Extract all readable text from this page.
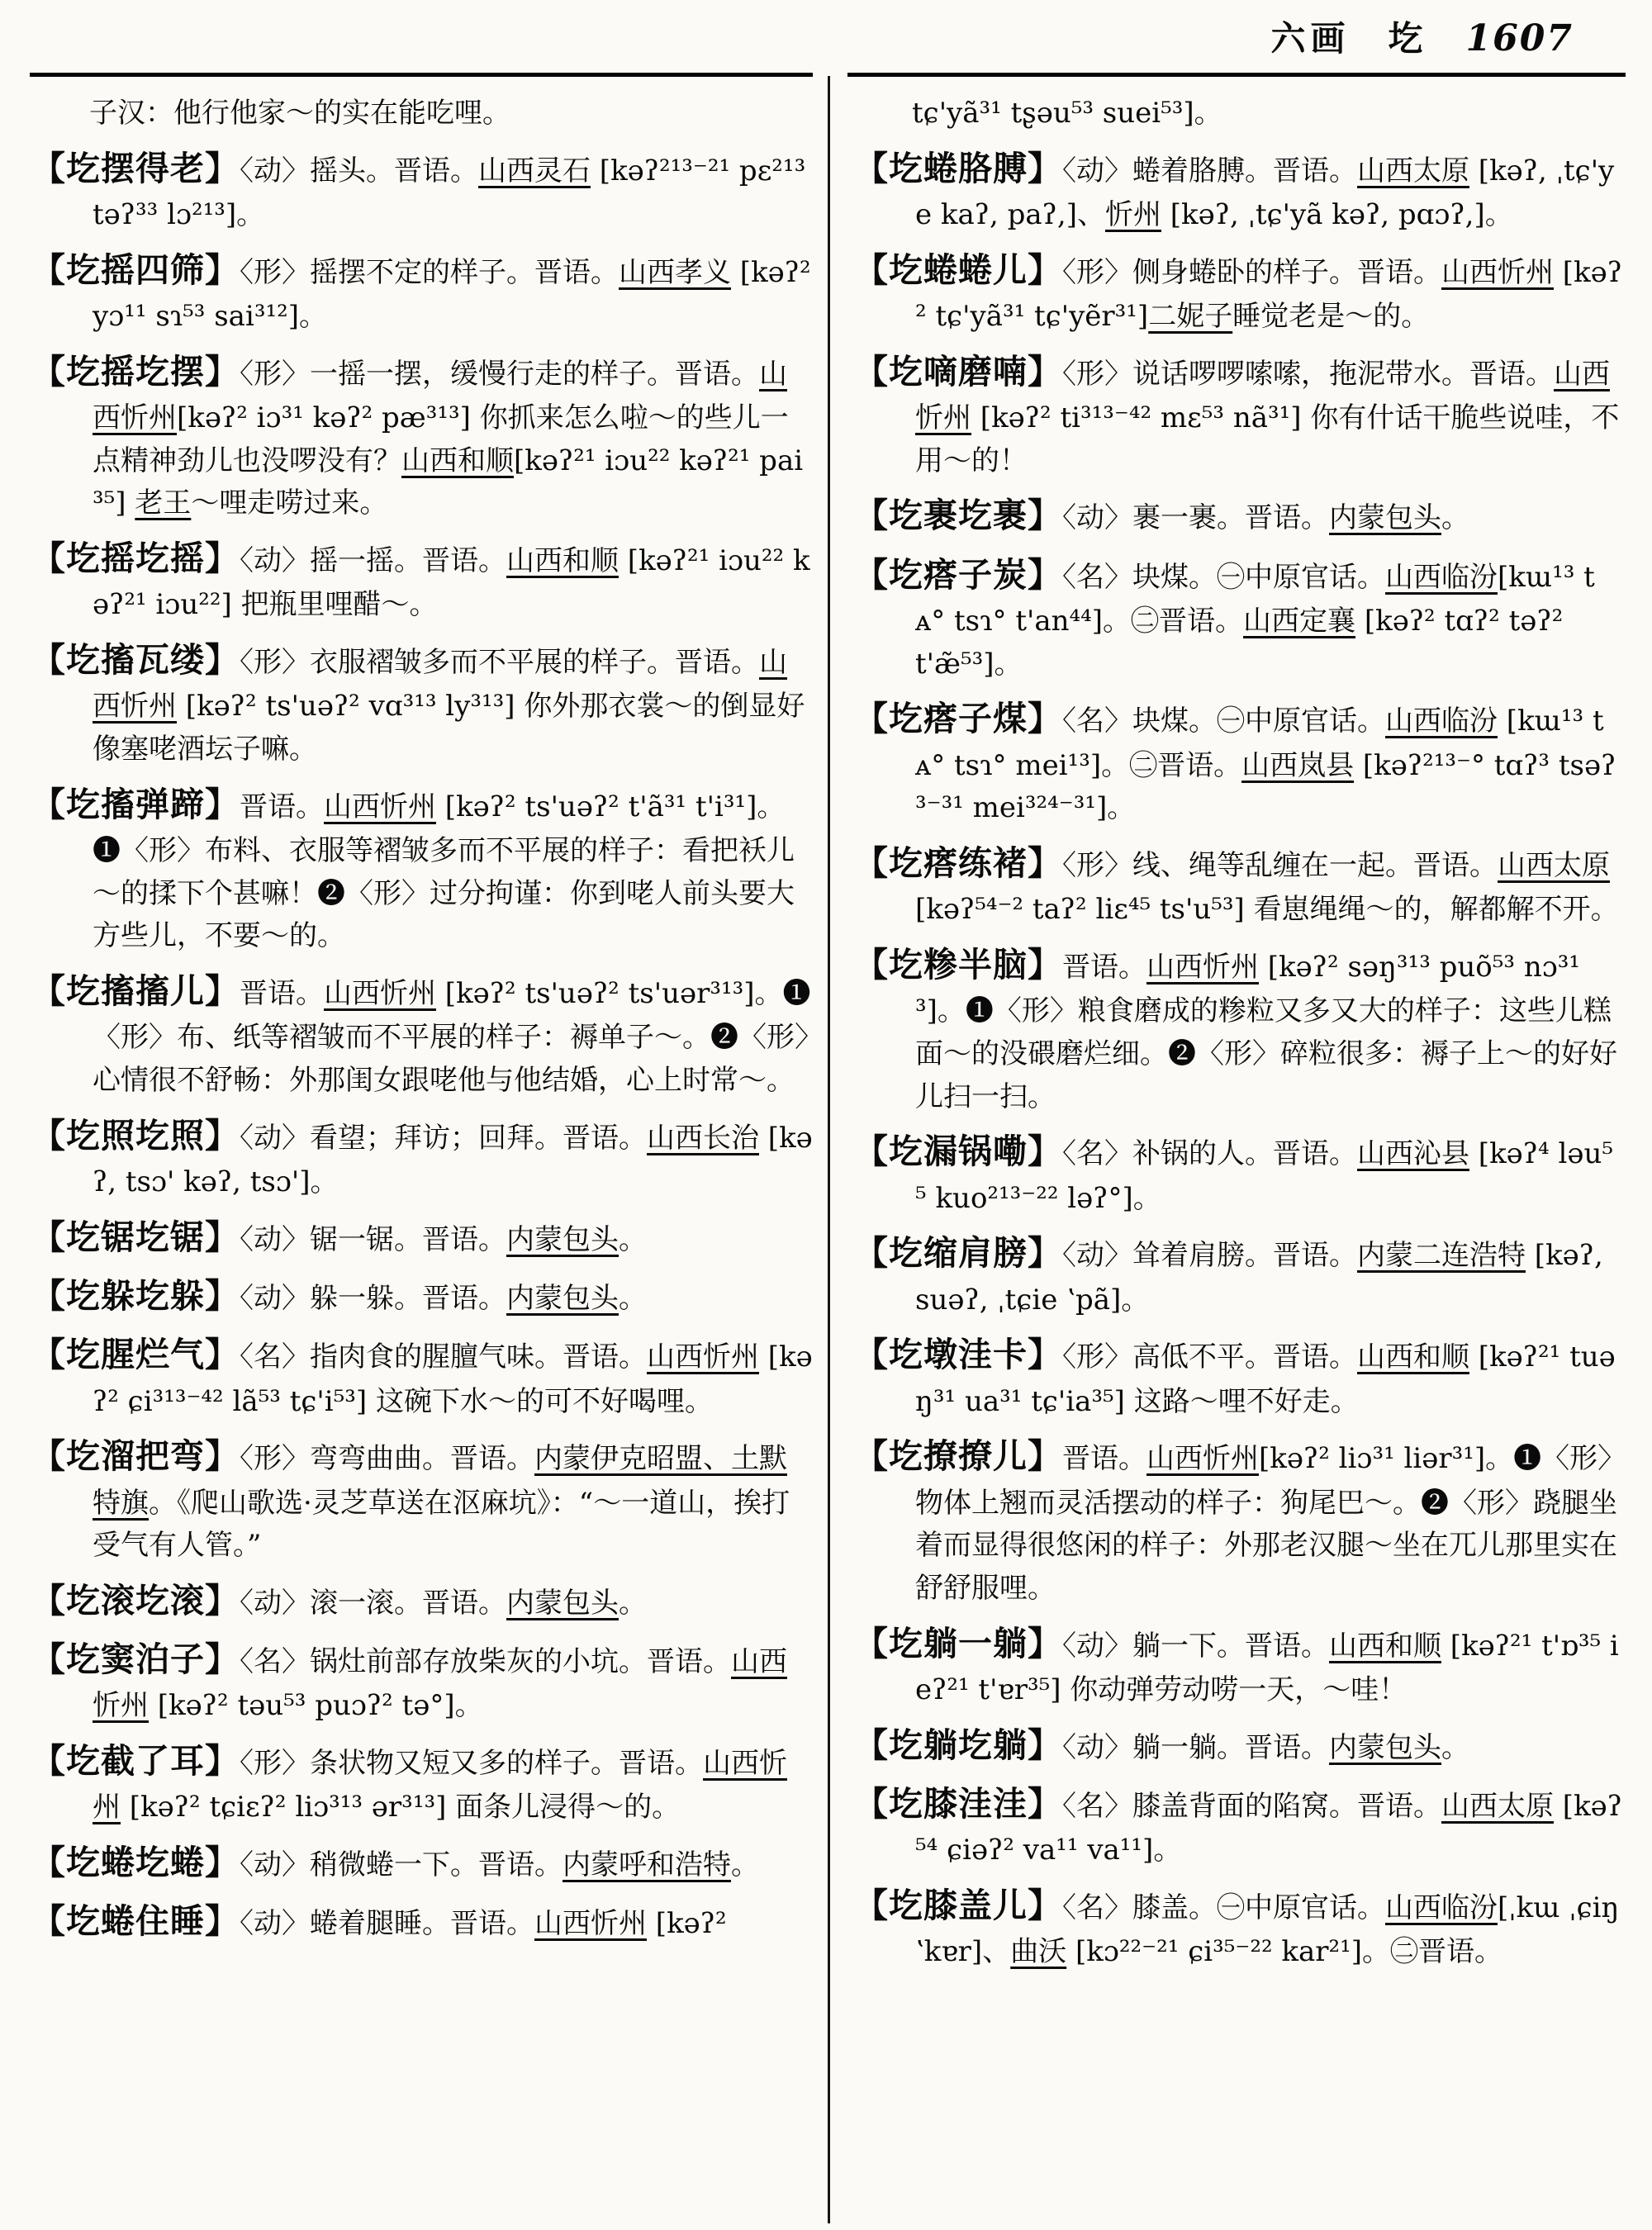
六画 圪 1607
子汉：他行他家～的实在能吃哩。
【圪摆得老】〈动〉摇头。晋语。山西灵石 [kəʔ²¹³⁻²¹ pɛ²¹³ təʔ³³ lɔ²¹³]。
【圪摇四筛】〈形〉摇摆不定的样子。晋语。山西孝义 [kəʔ² yɔ¹¹ sɿ⁵³ sai³¹²]。
【圪摇圪摆】〈形〉一摇一摆，缓慢行走的样子。晋语。山西忻州[kəʔ² iɔ³¹ kəʔ² pæ³¹³] 你抓来怎么啦～的些儿一点精神劲儿也没啰没有？山西和顺[kəʔ²¹ iɔu²² kəʔ²¹ pai³⁵] 老王～哩走唠过来。
【圪摇圪摇】〈动〉摇一摇。晋语。山西和顺 [kəʔ²¹ iɔu²² kəʔ²¹ iɔu²²] 把瓶里哩醋～。
【圪搐瓦缕】〈形〉衣服褶皱多而不平展的样子。晋语。山西忻州 [kəʔ² ts'uəʔ² vɑ³¹³ ly³¹³] 你外那衣裳～的倒显好像塞咾酒坛子嘛。
【圪搐弹蹄】晋语。山西忻州 [kəʔ² ts'uəʔ² t'ã³¹ t'i³¹]。❶〈形〉布料、衣服等褶皱多而不平展的样子：看把袄儿～的揉下个甚嘛！❷〈形〉过分拘谨：你到咾人前头要大方些儿，不要～的。
【圪搐搐儿】晋语。山西忻州 [kəʔ² ts'uəʔ² ts'uər³¹³]。❶〈形〉布、纸等褶皱而不平展的样子：褥单子～。❷〈形〉心情很不舒畅：外那闺女跟咾他与他结婚，心上时常～。
【圪照圪照】〈动〉看望；拜访；回拜。晋语。山西长治 [kəʔ, tsɔ' kəʔ, tsɔ']。
【圪锯圪锯】〈动〉锯一锯。晋语。内蒙包头。
【圪躲圪躲】〈动〉躲一躲。晋语。内蒙包头。
【圪腥烂气】〈名〉指肉食的腥膻气味。晋语。山西忻州 [kəʔ² ɕi³¹³⁻⁴² lã⁵³ tɕ'i⁵³] 这碗下水～的可不好喝哩。
【圪溜把弯】〈形〉弯弯曲曲。晋语。内蒙伊克昭盟、土默特旗。《爬山歌选·灵芝草送在沤麻坑》：“～一道山，挨打受气有人管。”
【圪滚圪滚】〈动〉滚一滚。晋语。内蒙包头。
【圪窦泊子】〈名〉锅灶前部存放柴灰的小坑。晋语。山西忻州 [kəʔ² təu⁵³ puɔʔ² tə°]。
【圪截了耳】〈形〉条状物又短又多的样子。晋语。山西忻州 [kəʔ² tɕiɛʔ² liɔ³¹³ ər³¹³] 面条儿浸得～的。
【圪蜷圪蜷】〈动〉稍微蜷一下。晋语。内蒙呼和浩特。
【圪蜷住睡】〈动〉蜷着腿睡。晋语。山西忻州 [kəʔ²
tɕ'yã³¹ tʂəu⁵³ suei⁵³]。
【圪蜷胳膊】〈动〉蜷着胳膊。晋语。山西太原 [kəʔ, ˌtɕ'ye kaʔ, paʔ,]、忻州 [kəʔ, ˌtɕ'yã kəʔ, pɑɔʔ,]。
【圪蜷蜷儿】〈形〉侧身蜷卧的样子。晋语。山西忻州 [kəʔ² tɕ'yã³¹ tɕ'yẽr³¹]二妮子睡觉老是～的。
【圪嘀磨喃】〈形〉说话啰啰嗦嗦，拖泥带水。晋语。山西忻州 [kəʔ² ti³¹³⁻⁴² mɛ⁵³ nã³¹] 你有什话干脆些说哇，不用～的！
【圪裹圪裹】〈动〉裹一裹。晋语。内蒙包头。
【圪瘩子炭】〈名〉块煤。㊀中原官话。山西临汾[kɯ¹³ tᴀ° tsɿ° t'an⁴⁴]。㊁晋语。山西定襄 [kəʔ² tɑʔ² təʔ² t'æ̃⁵³]。
【圪瘩子煤】〈名〉块煤。㊀中原官话。山西临汾 [kɯ¹³ tᴀ° tsɿ° mei¹³]。㊁晋语。山西岚县 [kəʔ²¹³⁻° tɑʔ³ tsəʔ³⁻³¹ mei³²⁴⁻³¹]。
【圪瘩练褚】〈形〉线、绳等乱缠在一起。晋语。山西太原 [kəʔ⁵⁴⁻² taʔ² liɛ⁴⁵ ts'u⁵³] 看崽绳绳～的，解都解不开。
【圪糁半脑】晋语。山西忻州 [kəʔ² səŋ³¹³ puõ⁵³ nɔ³¹³]。❶〈形〉粮食磨成的糁粒又多又大的样子：这些儿糕面～的没碨磨烂细。❷〈形〉碎粒很多：褥子上～的好好儿扫一扫。
【圪漏锅嘞】〈名〉补锅的人。晋语。山西沁县 [kəʔ⁴ ləu⁵⁵ kuo²¹³⁻²² ləʔ°]。
【圪缩肩膀】〈动〉耸着肩膀。晋语。内蒙二连浩特 [kəʔ, suəʔ, ˌtɕie ʽpã]。
【圪墩洼卡】〈形〉高低不平。晋语。山西和顺 [kəʔ²¹ tuəŋ³¹ ua³¹ tɕ'ia³⁵] 这路～哩不好走。
【圪撩撩儿】晋语。山西忻州[kəʔ² liɔ³¹ liər³¹]。❶〈形〉物体上翘而灵活摆动的样子：狗尾巴～。❷〈形〉跷腿坐着而显得很悠闲的样子：外那老汉腿～坐在兀儿那里实在舒舒服哩。
【圪躺一躺】〈动〉躺一下。晋语。山西和顺 [kəʔ²¹ t'ɒ³⁵ ieʔ²¹ t'ɐr³⁵] 你动弹劳动唠一天，～哇！
【圪躺圪躺】〈动〉躺一躺。晋语。内蒙包头。
【圪膝洼洼】〈名〉膝盖背面的陷窝。晋语。山西太原 [kəʔ⁵⁴ ɕiəʔ² va¹¹ va¹¹]。
【圪膝盖儿】〈名〉膝盖。㊀中原官话。山西临汾[ˌkɯ ˌɕiŋ ʽkɐr]、曲沃 [kɔ²²⁻²¹ ɕi³⁵⁻²² kar²¹]。㊁晋语。
